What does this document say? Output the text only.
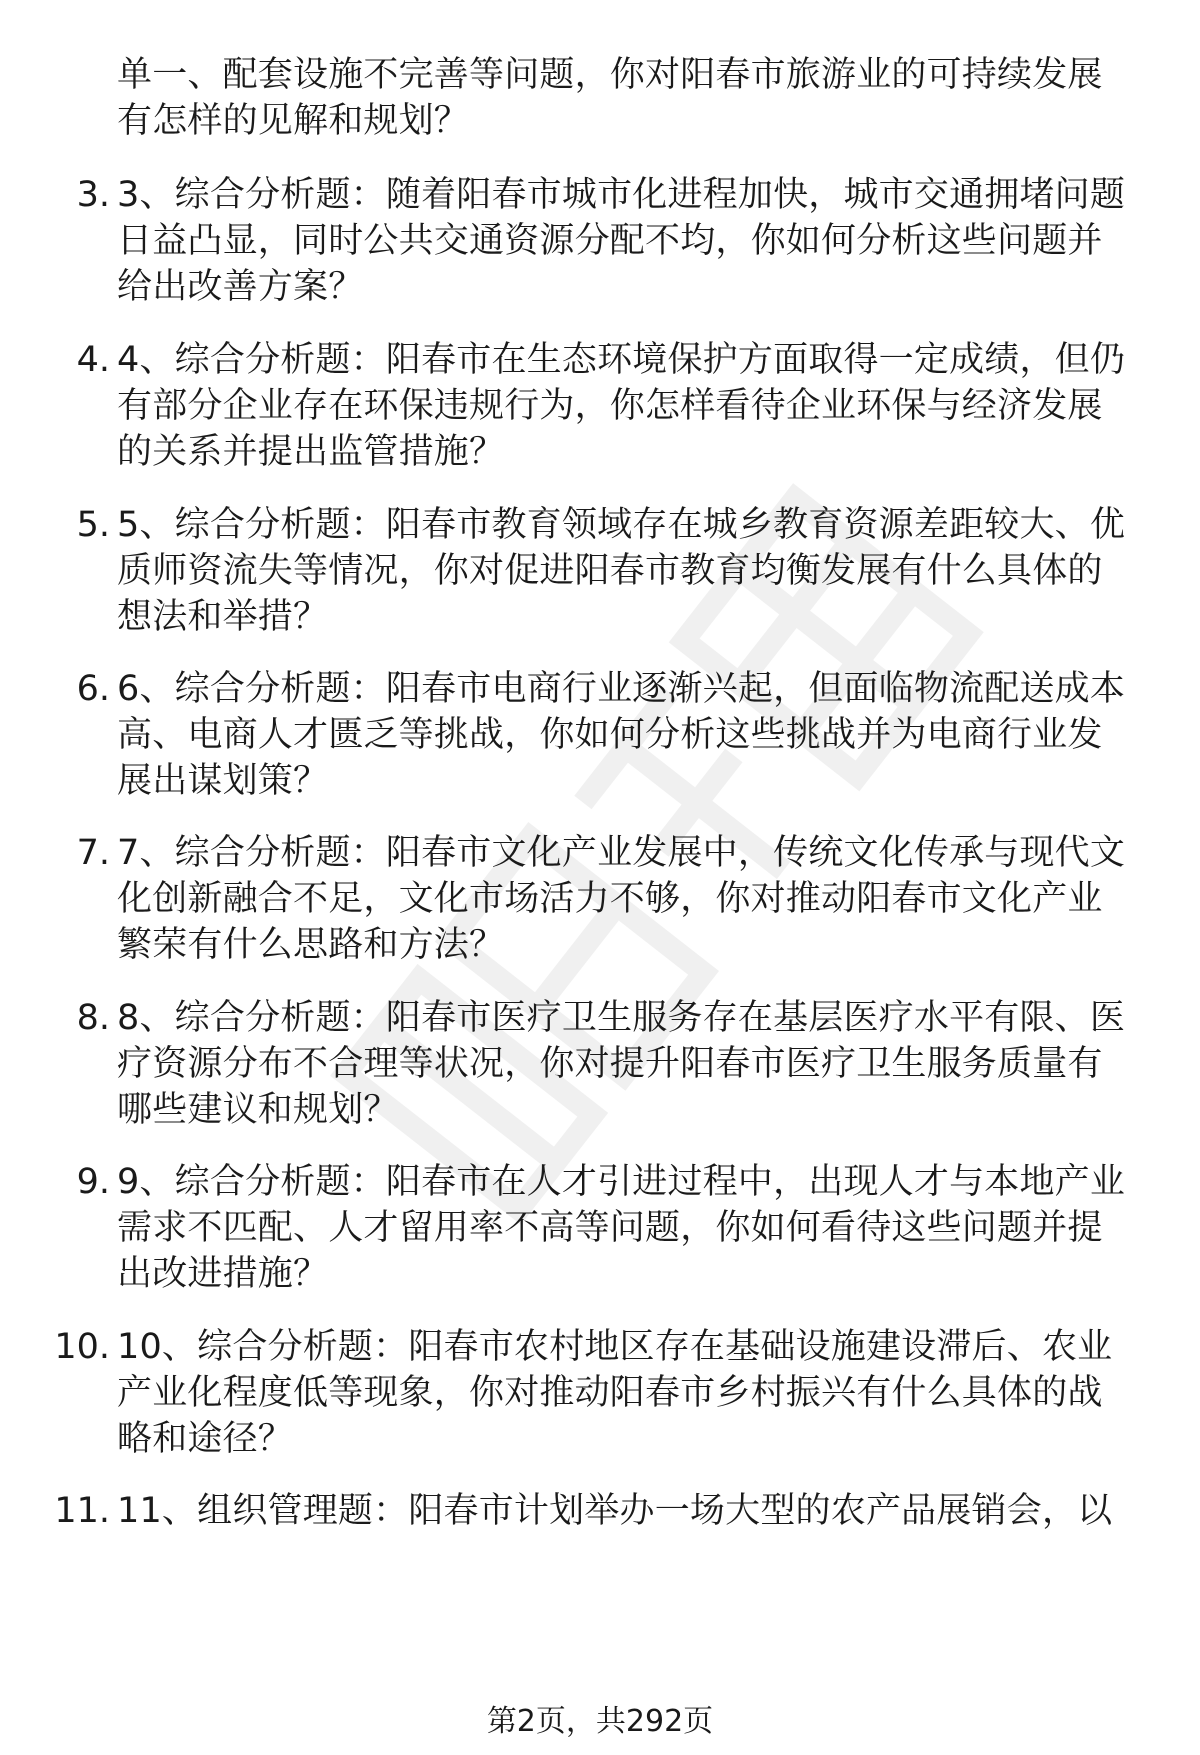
单一、配套设施不完善等问题，你对阳春市旅游业的可持续发展
有怎样的见解和规划？
3. 3、综合分析题：随着阳春市城市化进程加快，城市交通拥堵问题
日益凸显，同时公共交通资源分配不均，你如何分析这些问题并
给出改善方案？
4. 4、综合分析题：阳春市在生态环境保护方面取得一定成绩，但仍
有部分企业存在环保违规行为，你怎样看待企业环保与经济发展
的关系并提出监管措施？
5. 5、综合分析题：阳春市教育领域存在城乡教育资源差距较大、优
质师资流失等情况，你对促进阳春市教育均衡发展有什么具体的
想法和举措？
6. 6、综合分析题：阳春市电商行业逐渐兴起，但面临物流配送成本
高、电商人才匮乏等挑战，你如何分析这些挑战并为电商行业发
展出谋划策？
7. 7、综合分析题：阳春市文化产业发展中，传统文化传承与现代文
化创新融合不足，文化市场活力不够，你对推动阳春市文化产业
繁荣有什么思路和方法？
8. 8、综合分析题：阳春市医疗卫生服务存在基层医疗水平有限、医
疗资源分布不合理等状况，你对提升阳春市医疗卫生服务质量有
哪些建议和规划？
9. 9、综合分析题：阳春市在人才引进过程中，出现人才与本地产业
需求不匹配、人才留用率不高等问题，你如何看待这些问题并提
出改进措施？
10. 10、综合分析题：阳春市农村地区存在基础设施建设滞后、农业
产业化程度低等现象，你对推动阳春市乡村振兴有什么具体的战
略和途径？
11. 11、组织管理题：阳春市计划举办一场大型的农产品展销会，以
第2页，共292页
